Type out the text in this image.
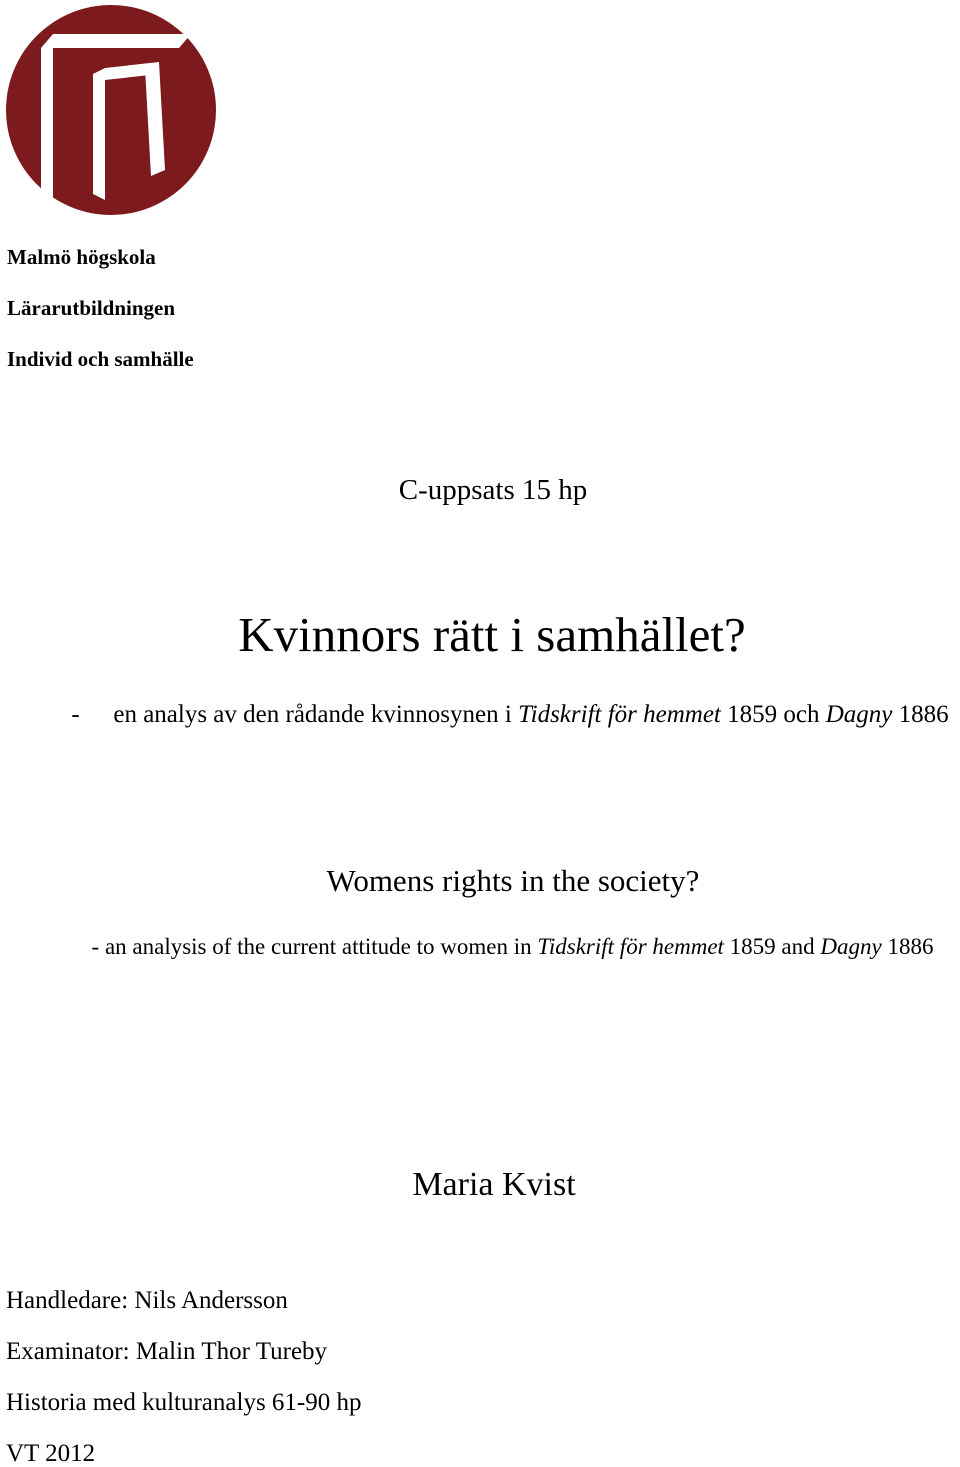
Malmö högskola
Lärarutbildningen
Individ och samhälle
C-uppsats 15 hp
Kvinnors rätt i samhället?
- en analys av den rådande kvinnosynen i Tidskrift för hemmet 1859 och Dagny 1886
Womens rights in the society?
- an analysis of the current attitude to women in Tidskrift för hemmet 1859 and Dagny 1886
Maria Kvist
Handledare: Nils Andersson
Examinator: Malin Thor Tureby
Historia med kulturanalys 61-90 hp
VT 2012
